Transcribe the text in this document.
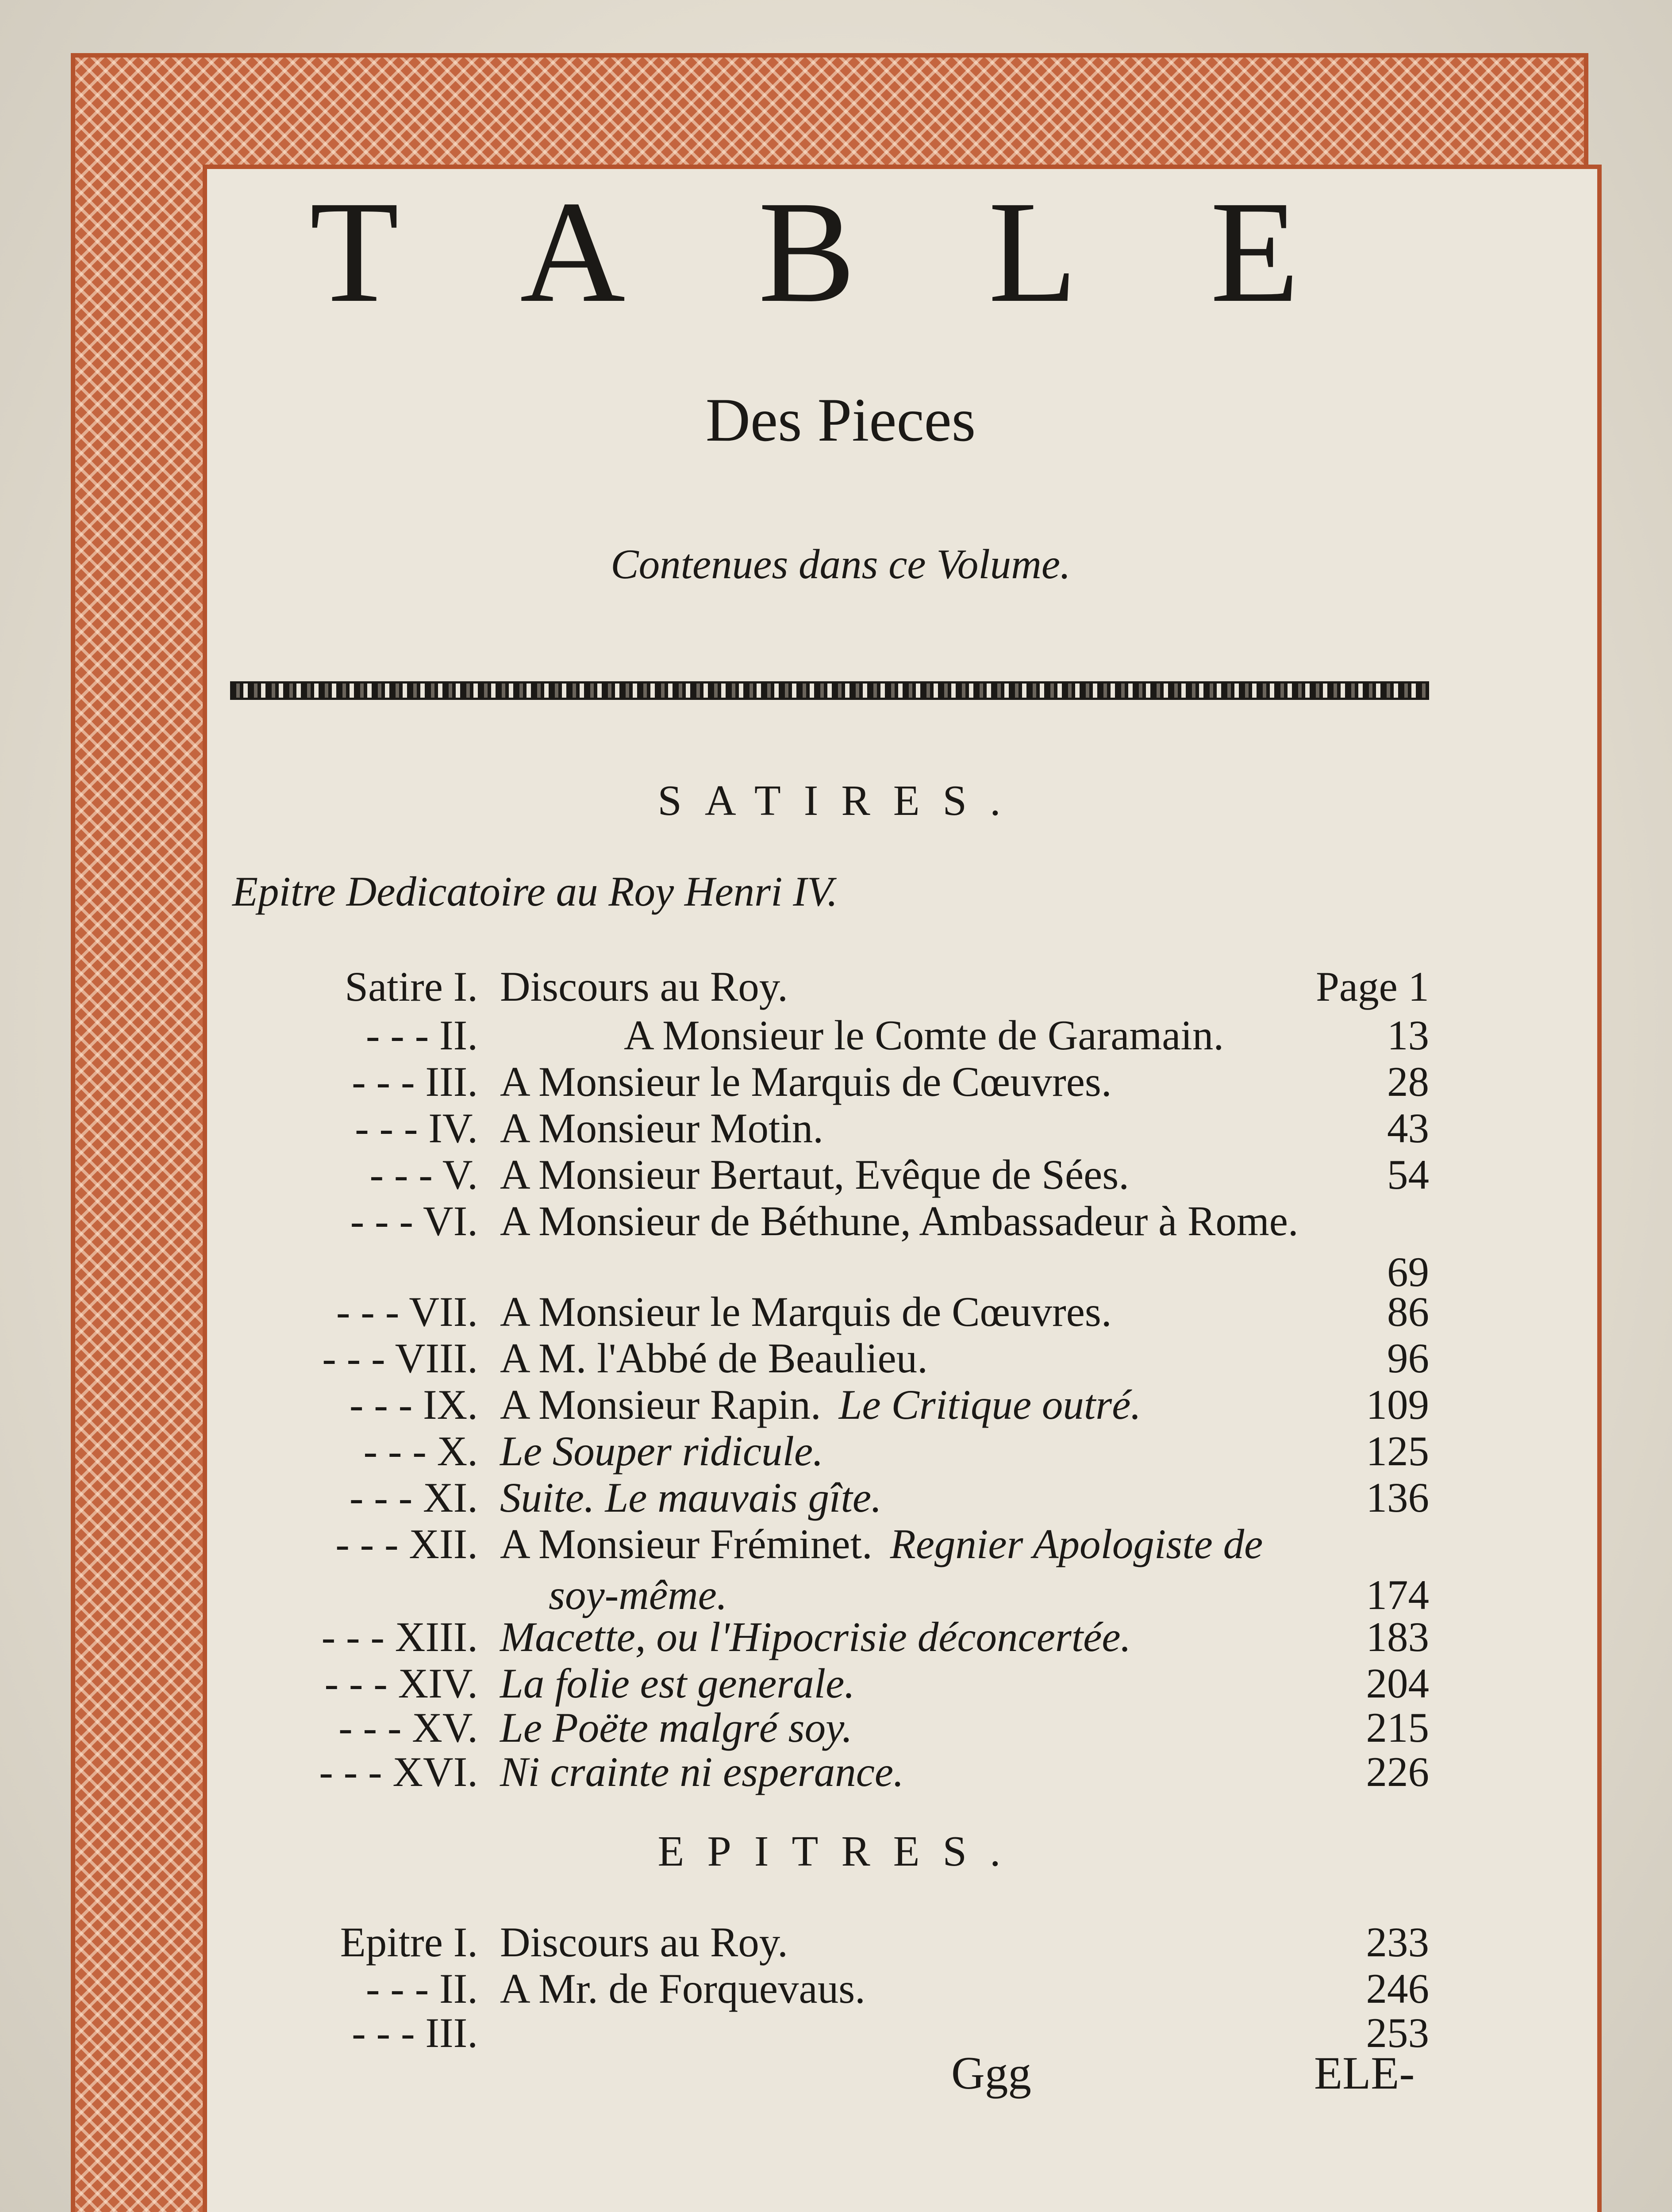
TABLE
Des Pieces
Contenues dans ce Volume.
SATIRES.
Epitre Dedicatoire au Roy Henri IV.
Satire I. Discours au Roy.	Page 1
- - - II.	A Monsieur le Comte de Garamain.	13
- - - III. A Monsieur le Marquis de Cœuvres.	28
- - - IV. A Monsieur Motin.	43
- - - V. A Monsieur Bertaut, Evêque de Sées.	54
- - - VI. A Monsieur de Béthune, Ambassadeur à Rome.
69
- - - VII. A Monsieur le Marquis de Cœuvres.	86
- - - VIII. A M. l'Abbé de Beaulieu.	96
- - - IX. A Monsieur Rapin. Le Critique outré.	109
- - - X. Le Souper ridicule.	125
- - - XI. Suite. Le mauvais gîte.	136
- - - XII. A Monsieur Fréminet. Regnier Apologiste de
soy-même.	174
- - - XIII. Macette, ou l'Hipocrisie déconcertée.	183
- - - XIV. La folie est generale.	204
- - - XV. Le Poëte malgré soy.	215
- - - XVI. Ni crainte ni esperance.	226
EPITRES.
Epitre I. Discours au Roy.	233
- - - II. A Mr. de Forquevaus.	246
- - - III.	253
Ggg	ELE-
